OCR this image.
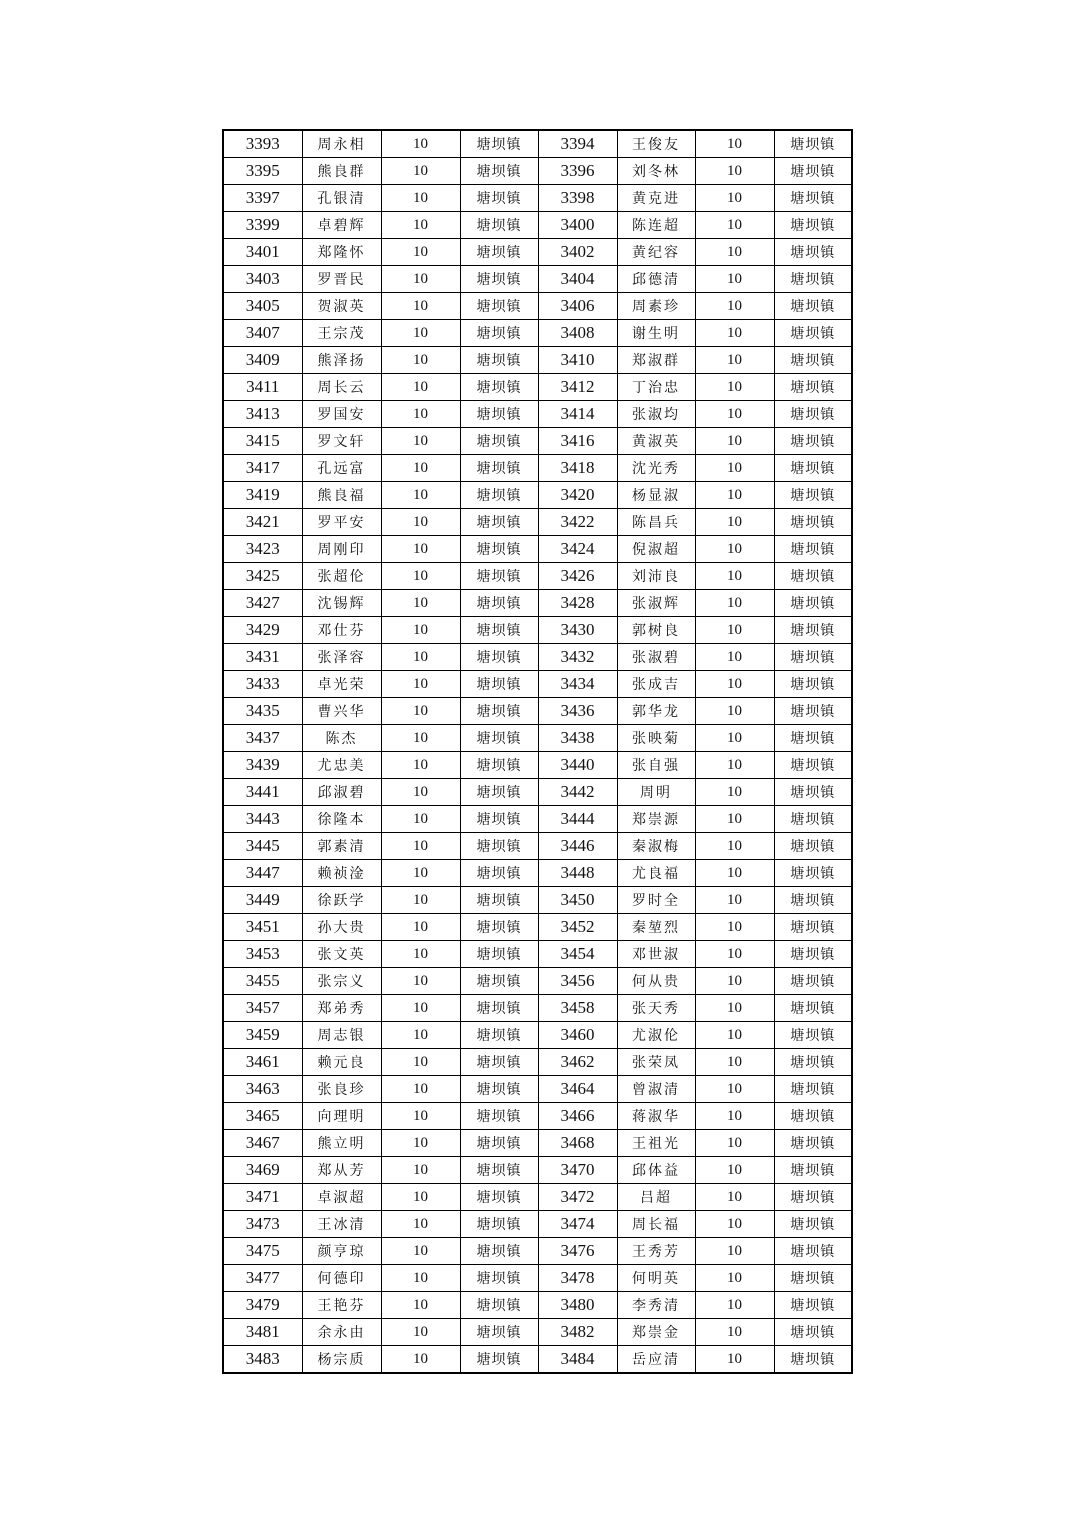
3393	周永相	10	塘坝镇	3394	王俊友	10	塘坝镇
3395	熊良群	10	塘坝镇	3396	刘冬林	10	塘坝镇
3397	孔银清	10	塘坝镇	3398	黄克进	10	塘坝镇
3399	卓碧辉	10	塘坝镇	3400	陈连超	10	塘坝镇
3401	郑隆怀	10	塘坝镇	3402	黄纪容	10	塘坝镇
3403	罗晋民	10	塘坝镇	3404	邱德清	10	塘坝镇
3405	贺淑英	10	塘坝镇	3406	周素珍	10	塘坝镇
3407	王宗茂	10	塘坝镇	3408	谢生明	10	塘坝镇
3409	熊泽扬	10	塘坝镇	3410	郑淑群	10	塘坝镇
3411	周长云	10	塘坝镇	3412	丁治忠	10	塘坝镇
3413	罗国安	10	塘坝镇	3414	张淑均	10	塘坝镇
3415	罗文轩	10	塘坝镇	3416	黄淑英	10	塘坝镇
3417	孔远富	10	塘坝镇	3418	沈光秀	10	塘坝镇
3419	熊良福	10	塘坝镇	3420	杨显淑	10	塘坝镇
3421	罗平安	10	塘坝镇	3422	陈昌兵	10	塘坝镇
3423	周刚印	10	塘坝镇	3424	倪淑超	10	塘坝镇
3425	张超伦	10	塘坝镇	3426	刘沛良	10	塘坝镇
3427	沈锡辉	10	塘坝镇	3428	张淑辉	10	塘坝镇
3429	邓仕芬	10	塘坝镇	3430	郭树良	10	塘坝镇
3431	张泽容	10	塘坝镇	3432	张淑碧	10	塘坝镇
3433	卓光荣	10	塘坝镇	3434	张成吉	10	塘坝镇
3435	曹兴华	10	塘坝镇	3436	郭华龙	10	塘坝镇
3437	陈杰	10	塘坝镇	3438	张映菊	10	塘坝镇
3439	尤忠美	10	塘坝镇	3440	张自强	10	塘坝镇
3441	邱淑碧	10	塘坝镇	3442	周明	10	塘坝镇
3443	徐隆本	10	塘坝镇	3444	郑崇源	10	塘坝镇
3445	郭素清	10	塘坝镇	3446	秦淑梅	10	塘坝镇
3447	赖祯淦	10	塘坝镇	3448	尤良福	10	塘坝镇
3449	徐跃学	10	塘坝镇	3450	罗时全	10	塘坝镇
3451	孙大贵	10	塘坝镇	3452	秦堃烈	10	塘坝镇
3453	张文英	10	塘坝镇	3454	邓世淑	10	塘坝镇
3455	张宗义	10	塘坝镇	3456	何从贵	10	塘坝镇
3457	郑弟秀	10	塘坝镇	3458	张天秀	10	塘坝镇
3459	周志银	10	塘坝镇	3460	尤淑伦	10	塘坝镇
3461	赖元良	10	塘坝镇	3462	张荣凤	10	塘坝镇
3463	张良珍	10	塘坝镇	3464	曾淑清	10	塘坝镇
3465	向理明	10	塘坝镇	3466	蒋淑华	10	塘坝镇
3467	熊立明	10	塘坝镇	3468	王祖光	10	塘坝镇
3469	郑从芳	10	塘坝镇	3470	邱体益	10	塘坝镇
3471	卓淑超	10	塘坝镇	3472	吕超	10	塘坝镇
3473	王冰清	10	塘坝镇	3474	周长福	10	塘坝镇
3475	颜亨琼	10	塘坝镇	3476	王秀芳	10	塘坝镇
3477	何德印	10	塘坝镇	3478	何明英	10	塘坝镇
3479	王艳芬	10	塘坝镇	3480	李秀清	10	塘坝镇
3481	余永由	10	塘坝镇	3482	郑崇金	10	塘坝镇
3483	杨宗质	10	塘坝镇	3484	岳应清	10	塘坝镇
